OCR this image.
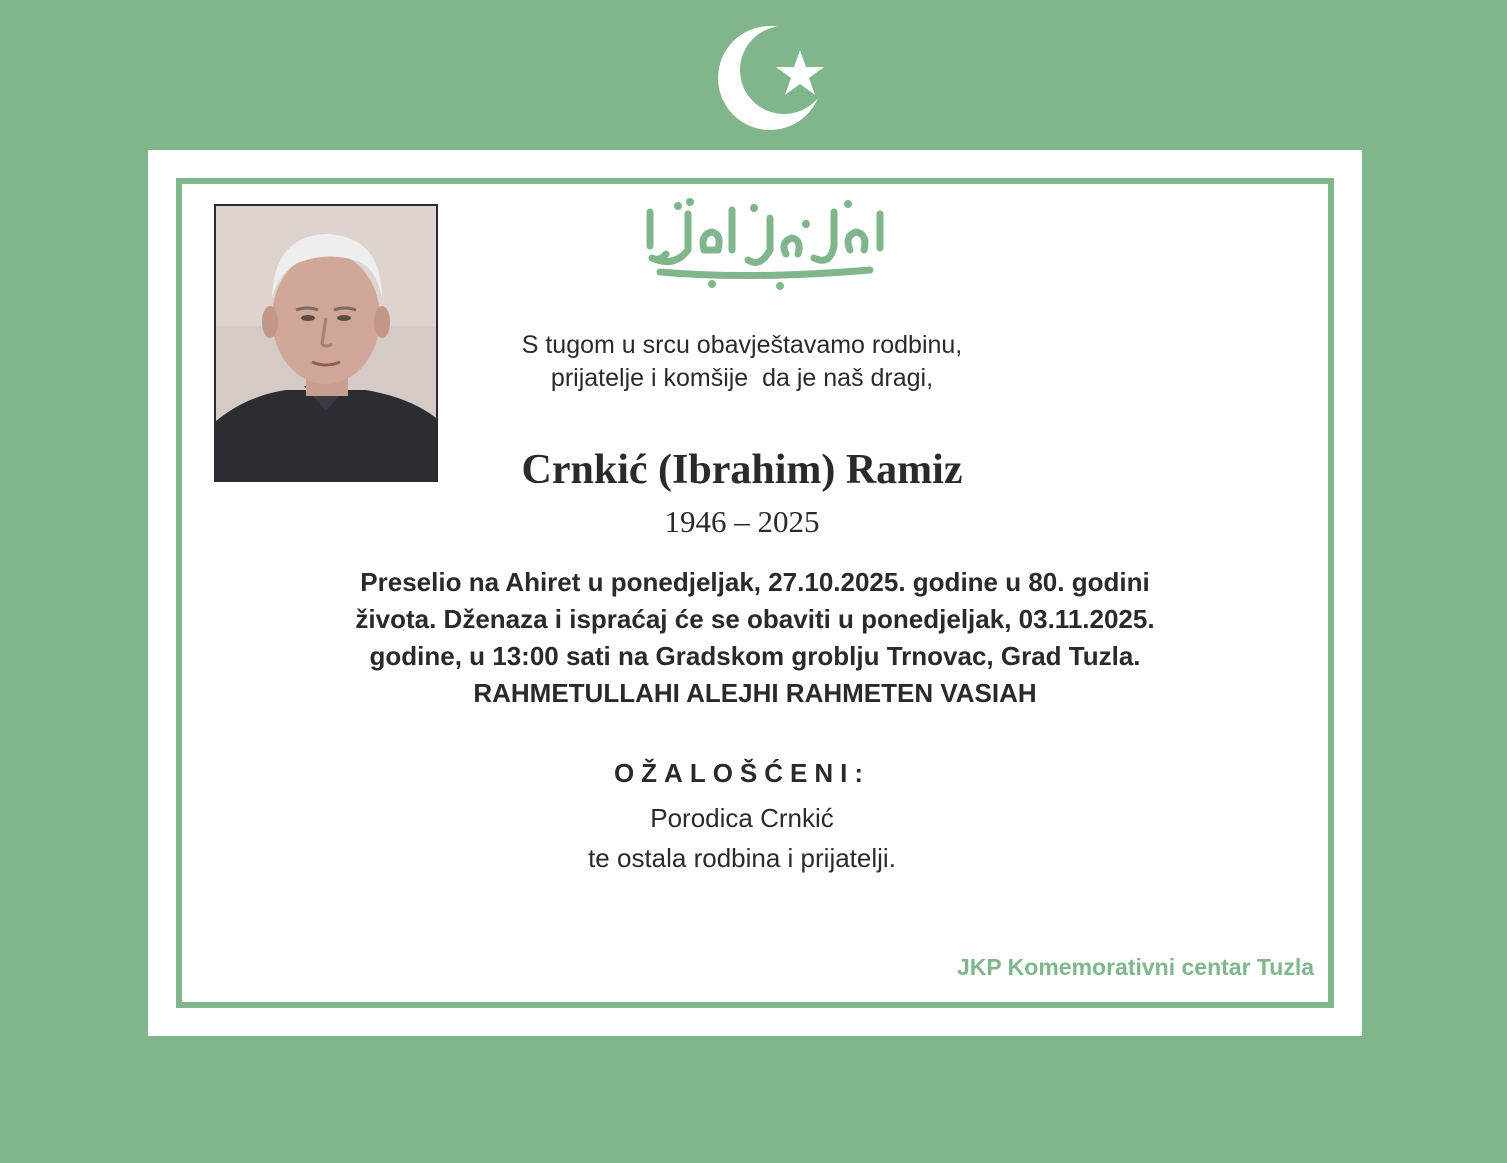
S tugom u srcu obavještavamo rodbinu,
prijatelje i komšije  da je naš dragi,
Crnkić (Ibrahim) Ramiz
1946 – 2025
Preselio na Ahiret u ponedjeljak, 27.10.2025. godine u 80. godini
života. Dženaza i ispraćaj će se obaviti u ponedjeljak, 03.11.2025.
godine, u 13:00 sati na Gradskom groblju Trnovac, Grad Tuzla.
RAHMETULLAHI ALEJHI RAHMETEN VASIAH
OŽALOŠĆENI:
Porodica Crnkić
te ostala rodbina i prijatelji.
JKP Komemorativni centar Tuzla
